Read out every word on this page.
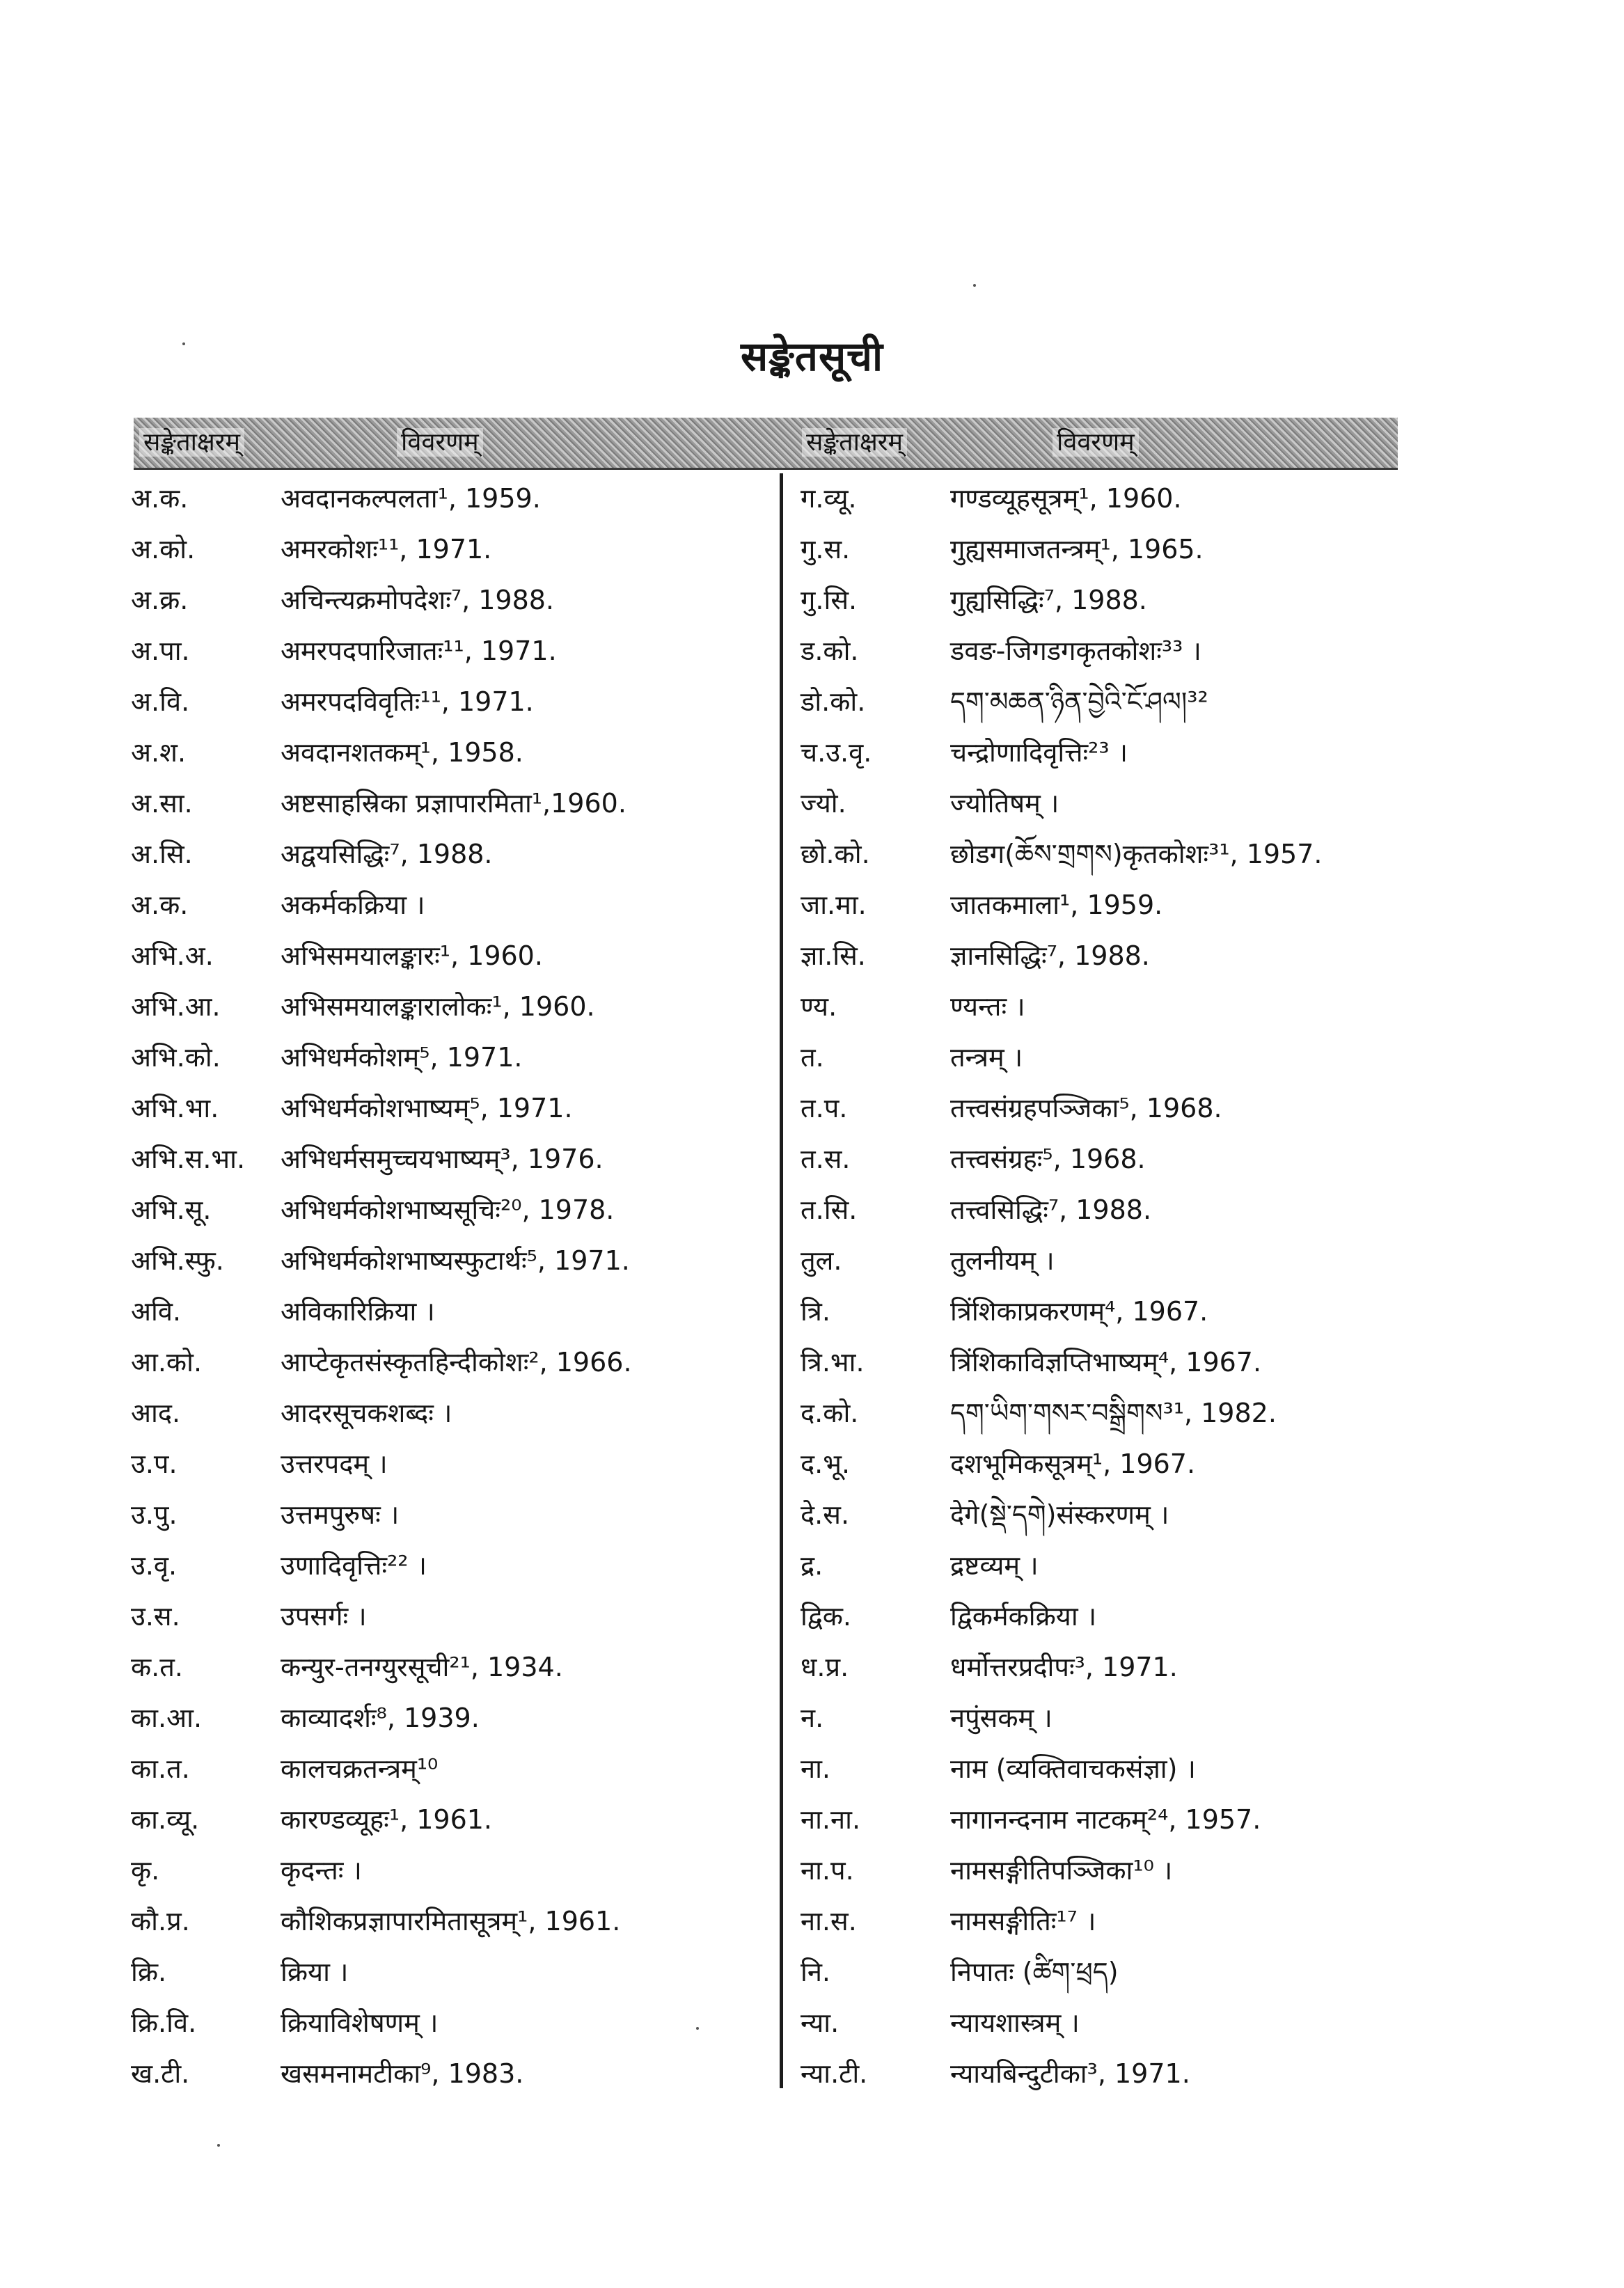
सङ्केतसूची
सङ्केताक्षरम्	विवरणम्	सङ्केताक्षरम्	विवरणम्
अ.क.	अवदानकल्पलता¹, 1959.
अ.को.	अमरकोशः¹¹, 1971.
अ.क्र.	अचिन्त्यक्रमोपदेशः⁷, 1988.
अ.पा.	अमरपदपारिजातः¹¹, 1971.
अ.वि.	अमरपदविवृतिः¹¹, 1971.
अ.श.	अवदानशतकम्¹, 1958.
अ.सा.	अष्टसाहस्रिका प्रज्ञापारमिता¹,1960.
अ.सि.	अद्वयसिद्धिः⁷, 1988.
अ.क.	अकर्मकक्रिया ।
अभि.अ.	अभिसमयालङ्कारः¹, 1960.
अभि.आ. अभिसमयालङ्कारालोकः¹, 1960.
अभि.को. अभिधर्मकोशम्⁵, 1971.
अभि.भा. अभिधर्मकोशभाष्यम्⁵, 1971.
अभि.स.भा. अभिधर्मसमुच्चयभाष्यम्³, 1976.
अभि.सू.	अभिधर्मकोशभाष्यसूचिः²⁰, 1978.
अभि.स्फु. अभिधर्मकोशभाष्यस्फुटार्थः⁵, 1971.
अवि.	अविकारिक्रिया ।
आ.को.	आप्टेकृतसंस्कृतहिन्दीकोशः², 1966.
आद.	आदरसूचकशब्दः ।
उ.प.	उत्तरपदम् ।
उ.पु.	उत्तमपुरुषः ।
उ.वृ.	उणादिवृत्तिः²² ।
उ.स.	उपसर्गः ।
क.त.	कन्युर-तनग्युरसूची²¹, 1934.
का.आ.	काव्यादर्शः⁸, 1939.
का.त.	कालचक्रतन्त्रम्¹⁰
का.व्यू.	कारण्डव्यूहः¹, 1961.
कृ.	कृदन्तः ।
कौ.प्र.	कौशिकप्रज्ञापारमितासूत्रम्¹, 1961.
क्रि.	क्रिया ।
क्रि.वि.	क्रियाविशेषणम् ।
ख.टी.	खसमनामटीका⁹, 1983.
ग.व्यू.	गण्डव्यूहसूत्रम्¹, 1960.
गु.स.	गुह्यसमाजतन्त्रम्¹, 1965.
गु.सि.	गुह्यसिद्धिः⁷, 1988.
ड.को.	डवङ-जिगडगकृतकोशः³³ ।
डो.को.	དག་མཆན་ཉིན་བྱེའི་ངོ་ཤལ།³²
च.उ.वृ.	चन्द्रोणादिवृत्तिः²³ ।
ज्यो.	ज्योतिषम् ।
छो.को.	छोडग(ཆོས་གྲགས)कृतकोशः³¹, 1957.
जा.मा.	जातकमाला¹, 1959.
ज्ञा.सि.	ज्ञानसिद्धिः⁷, 1988.
ण्य.	ण्यन्तः ।
त.	तन्त्रम् ।
त.प.	तत्त्वसंग्रहपञ्जिका⁵, 1968.
त.स.	तत्त्वसंग्रहः⁵, 1968.
त.सि.	तत्त्वसिद्धिः⁷, 1988.
तुल.	तुलनीयम् ।
त्रि.	त्रिंशिकाप्रकरणम्⁴, 1967.
त्रि.भा.	त्रिंशिकाविज्ञप्तिभाष्यम्⁴, 1967.
द.को.	དག་ཡིག་གསར་བསྒྲིགས³¹, 1982.
द.भू.	दशभूमिकसूत्रम्¹, 1967.
दे.स.	देगे(སྡེ་དགེ)संस्करणम् ।
द्र.	द्रष्टव्यम् ।
द्विक.	द्विकर्मकक्रिया ।
ध.प्र.	धर्मोत्तरप्रदीपः³, 1971.
न.	नपुंसकम् ।
ना.	नाम (व्यक्तिवाचकसंज्ञा) ।
ना.ना.	नागानन्दनाम नाटकम्²⁴, 1957.
ना.प.	नामसङ्गीतिपञ्जिका¹⁰ ।
ना.स.	नामसङ्गीतिः¹⁷ ।
नि.	निपातः (ཚིག་ཕྲད)
न्या.	न्यायशास्त्रम् ।
न्या.टी.	न्यायबिन्दुटीका³, 1971.
